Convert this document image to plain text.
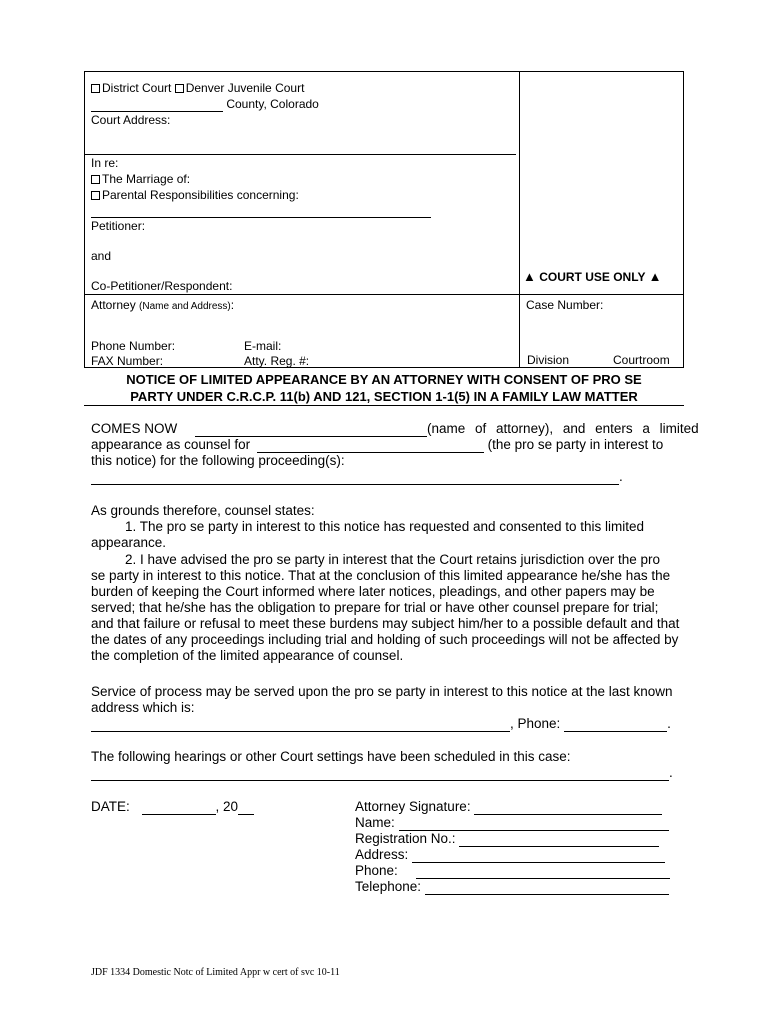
District Court Denver Juvenile Court
County, Colorado
Court Address:
In re:
The Marriage of:
Parental Responsibilities concerning:
Petitioner:
and
Co-Petitioner/Respondent:
▲ COURT USE ONLY ▲
Attorney (Name and Address):	Case Number:
Phone Number:	E-mail:
FAX Number:	Atty. Reg. #:	Division	Courtroom
NOTICE OF LIMITED APPEARANCE BY AN ATTORNEY WITH CONSENT OF PRO SE
PARTY UNDER C.R.C.P. 11(b) AND 121, SECTION 1-1(5) IN A FAMILY LAW MATTER
COMES NOW	(name of attorney), and enters a limited
appearance as counsel for	(the pro se party in interest to
this notice) for the following proceeding(s):
.
As grounds therefore, counsel states:
1. The pro se party in interest to this notice has requested and consented to this limited
appearance.
2. I have advised the pro se party in interest that the Court retains jurisdiction over the pro
se party in interest to this notice. That at the conclusion of this limited appearance he/she has the
burden of keeping the Court informed where later notices, pleadings, and other papers may be
served; that he/she has the obligation to prepare for trial or have other counsel prepare for trial;
and that failure or refusal to meet these burdens may subject him/her to a possible default and that
the dates of any proceedings including trial and holding of such proceedings will not be affected by
the completion of the limited appearance of counsel.
Service of process may be served upon the pro se party in interest to this notice at the last known
address which is:
, Phone:	.
The following hearings or other Court settings have been scheduled in this case:
.
DATE:	, 20	Attorney Signature:
Name:
Registration No.:
Address:
Phone:
Telephone:
JDF 1334 Domestic Notc of Limited Appr w cert of svc 10-11
